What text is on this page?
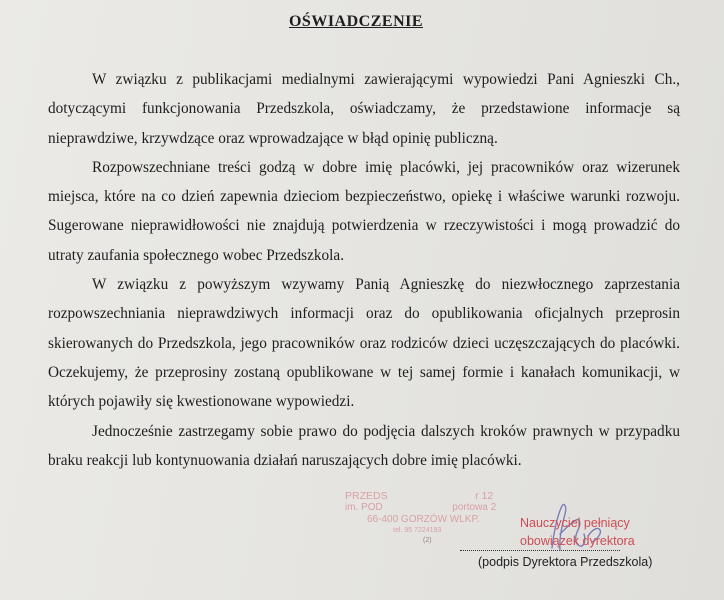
OŚWIADCZENIE

W związku z publikacjami medialnymi zawierającymi wypowiedzi Pani Agnieszki Ch., dotyczącymi funkcjonowania Przedszkola, oświadczamy, że przedstawione informacje są nieprawdziwe, krzywdzące oraz wprowadzające w błąd opinię publiczną.

Rozpowszechniane treści godzą w dobre imię placówki, jej pracowników oraz wizerunek miejsca, które na co dzień zapewnia dzieciom bezpieczeństwo, opiekę i właściwe warunki rozwoju. Sugerowane nieprawidłowości nie znajdują potwierdzenia w rzeczywistości i mogą prowadzić do utraty zaufania społecznego wobec Przedszkola.

W związku z powyższym wzywamy Panią Agnieszkę do niezwłocznego zaprzestania rozpowszechniania nieprawdziwych informacji oraz do opublikowania oficjalnych przeprosin skierowanych do Przedszkola, jego pracowników oraz rodziców dzieci uczęszczających do placówki. Oczekujemy, że przeprosiny zostaną opublikowane w tej samej formie i kanałach komunikacji, w których pojawiły się kwestionowane wypowiedzi.

Jednocześnie zastrzegamy sobie prawo do podjęcia dalszych kroków prawnych w przypadku braku reakcji lub kontynuowania działań naruszających dobre imię placówki.

PRZEDS                              r 12
im. POD                         portowa 2
66-400 GORZÓW WLKP.
tel. 95 7224193
(2)
Nauczyciel pełniący
obowiązek dyrektora
(podpis Dyrektora Przedszkola)
